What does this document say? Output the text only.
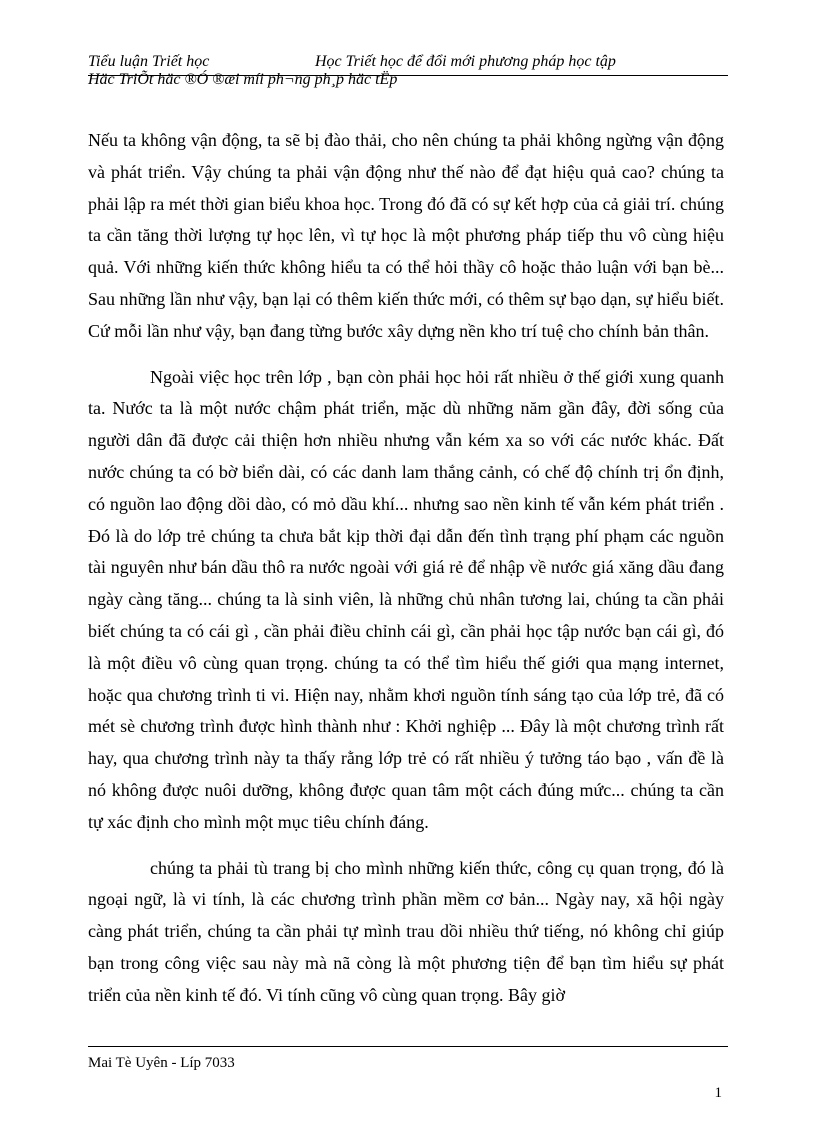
Tiểu luận Triết học	Học Triết học để đổi mới phương pháp học tập
Häc TriÕt häc ®Ó ®æi míi ph¬ng ph¸p häc tËp

Nếu ta không vận động, ta sẽ bị đào thải, cho nên chúng ta phải không ngừng vận động và phát triển. Vậy chúng ta phải vận động như thế nào để đạt hiệu quả cao? chúng ta phải lập ra mét thời gian biểu khoa học. Trong đó đã có sự kết hợp của cả giải trí. chúng ta cần tăng thời lượng tự học lên, vì tự học là một phương pháp tiếp thu vô cùng hiệu quả. Với những kiến thức không hiểu ta có thể hỏi thầy cô hoặc thảo luận với bạn bè... Sau những lần như vậy, bạn lại có thêm kiến thức mới, có thêm sự bạo dạn, sự hiểu biết. Cứ mỗi lần như vậy, bạn đang từng bước xây dựng nền kho trí tuệ cho chính bản thân.

Ngoài việc học trên lớp , bạn còn phải học hỏi rất nhiều ở thế giới xung quanh ta. Nước ta là một nước chậm phát triển, mặc dù những năm gần đây, đời sống của người dân đã được cải thiện hơn nhiều nhưng vẫn kém xa so với các nước khác. Đất nước chúng ta có bờ biển dài, có các danh lam thắng cảnh, có chế độ chính trị ổn định, có nguồn lao động dồi dào, có mỏ dầu khí... nhưng sao nền kinh tế vẫn kém phát triển . Đó là do lớp trẻ chúng ta chưa bắt kịp thời đại dẫn đến tình trạng phí phạm các nguồn tài nguyên như bán dầu thô ra nước ngoài với giá rẻ để nhập về nước giá xăng dầu đang ngày càng tăng... chúng ta là sinh viên, là những chủ nhân tương lai, chúng ta cần phải biết chúng ta có cái gì , cần phải điều chỉnh cái gì, cần phải học tập nước bạn cái gì, đó là một điều vô cùng quan trọng. chúng ta có thể tìm hiểu thế giới qua mạng internet, hoặc qua chương trình ti vi. Hiện nay, nhằm khơi nguồn tính sáng tạo của lớp trẻ, đã có mét sè chương trình được hình thành như : Khởi nghiệp ... Đây là một chương trình rất hay, qua chương trình này ta thấy rằng lớp trẻ có rất nhiều ý tưởng táo bạo , vấn đề là nó không được nuôi dưỡng, không được quan tâm một cách đúng mức... chúng ta cần tự xác định cho mình một mục tiêu chính đáng.

chúng ta phải tù trang bị cho mình những kiến thức, công cụ quan trọng, đó là ngoại ngữ, là vi tính, là các chương trình phần mềm cơ bản... Ngày nay, xã hội ngày càng phát triển, chúng ta cần phải tự mình trau dồi nhiều thứ tiếng, nó không chỉ giúp bạn trong công việc sau này mà nã còng là một phương tiện để bạn tìm hiểu sự phát triển của nền kinh tế đó. Vi tính cũng vô cùng quan trọng. Bây giờ

Mai Tè Uyên - Líp 7033
1
